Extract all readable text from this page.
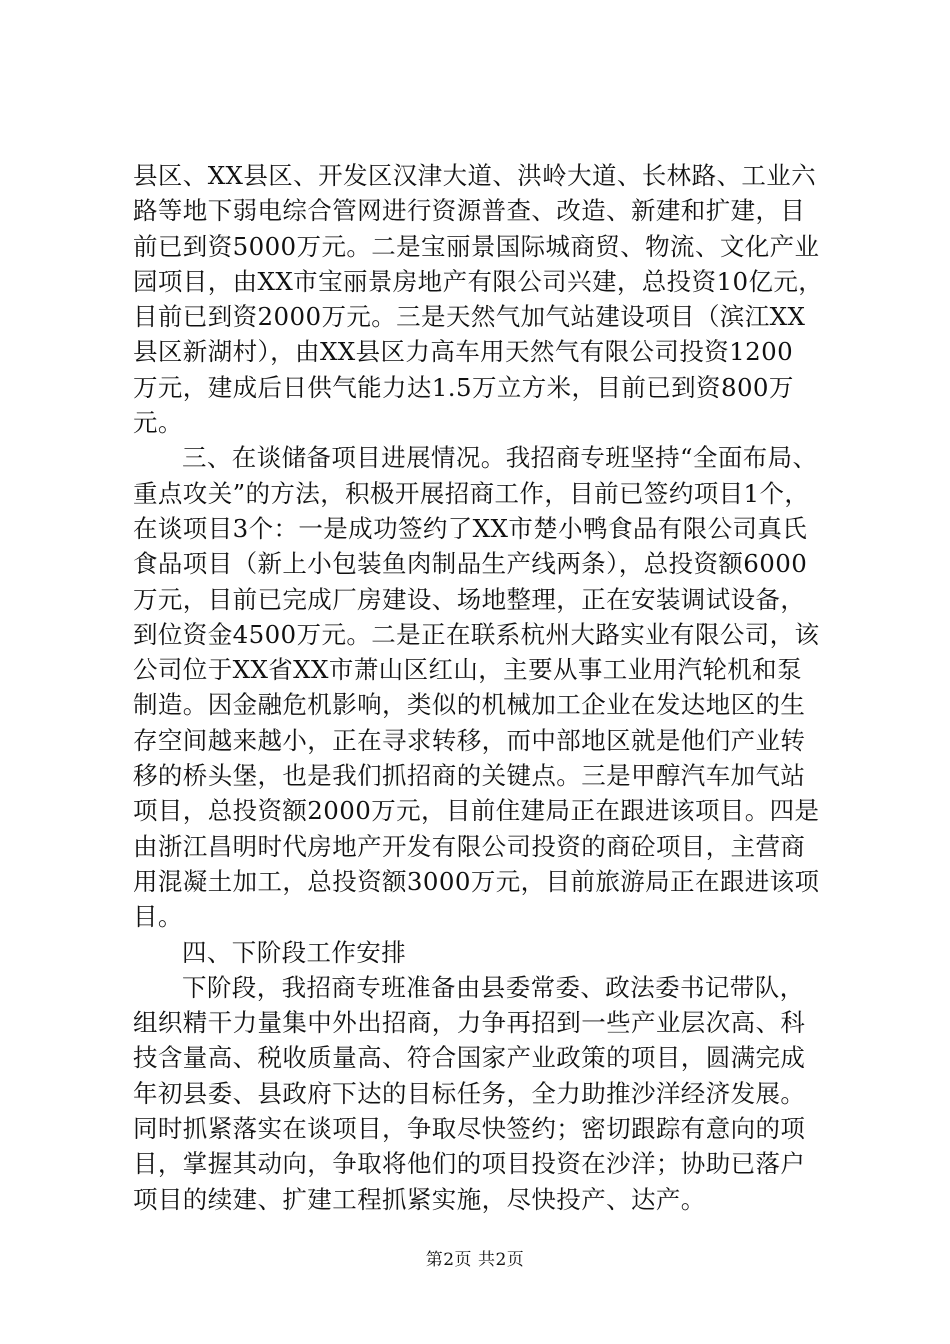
县区、XX县区、开发区汉津大道、洪岭大道、长林路、工业六
路等地下弱电综合管网进行资源普查、改造、新建和扩建，目
前已到资5000万元。二是宝丽景国际城商贸、物流、文化产业
园项目，由XX市宝丽景房地产有限公司兴建，总投资10亿元，
目前已到资2000万元。三是天然气加气站建设项目（滨江XX
县区新湖村），由XX县区力高车用天然气有限公司投资1200
万元，建成后日供气能力达1.5万立方米，目前已到资800万
元。
三、在谈储备项目进展情况。我招商专班坚持“全面布局、
重点攻关”的方法，积极开展招商工作，目前已签约项目1个，
在谈项目3个：一是成功签约了XX市楚小鸭食品有限公司真氏
食品项目（新上小包装鱼肉制品生产线两条），总投资额6000
万元，目前已完成厂房建设、场地整理，正在安装调试设备，
到位资金4500万元。二是正在联系杭州大路实业有限公司，该
公司位于XX省XX市萧山区红山，主要从事工业用汽轮机和泵
制造。因金融危机影响，类似的机械加工企业在发达地区的生
存空间越来越小，正在寻求转移，而中部地区就是他们产业转
移的桥头堡，也是我们抓招商的关键点。三是甲醇汽车加气站
项目，总投资额2000万元，目前住建局正在跟进该项目。四是
由浙江昌明时代房地产开发有限公司投资的商砼项目，主营商
用混凝土加工，总投资额3000万元，目前旅游局正在跟进该项
目。
四、下阶段工作安排
下阶段，我招商专班准备由县委常委、政法委书记带队，
组织精干力量集中外出招商，力争再招到一些产业层次高、科
技含量高、税收质量高、符合国家产业政策的项目，圆满完成
年初县委、县政府下达的目标任务，全力助推沙洋经济发展。
同时抓紧落实在谈项目，争取尽快签约；密切跟踪有意向的项
目，掌握其动向，争取将他们的项目投资在沙洋；协助已落户
项目的续建、扩建工程抓紧实施，尽快投产、达产。
第2页 共2页
